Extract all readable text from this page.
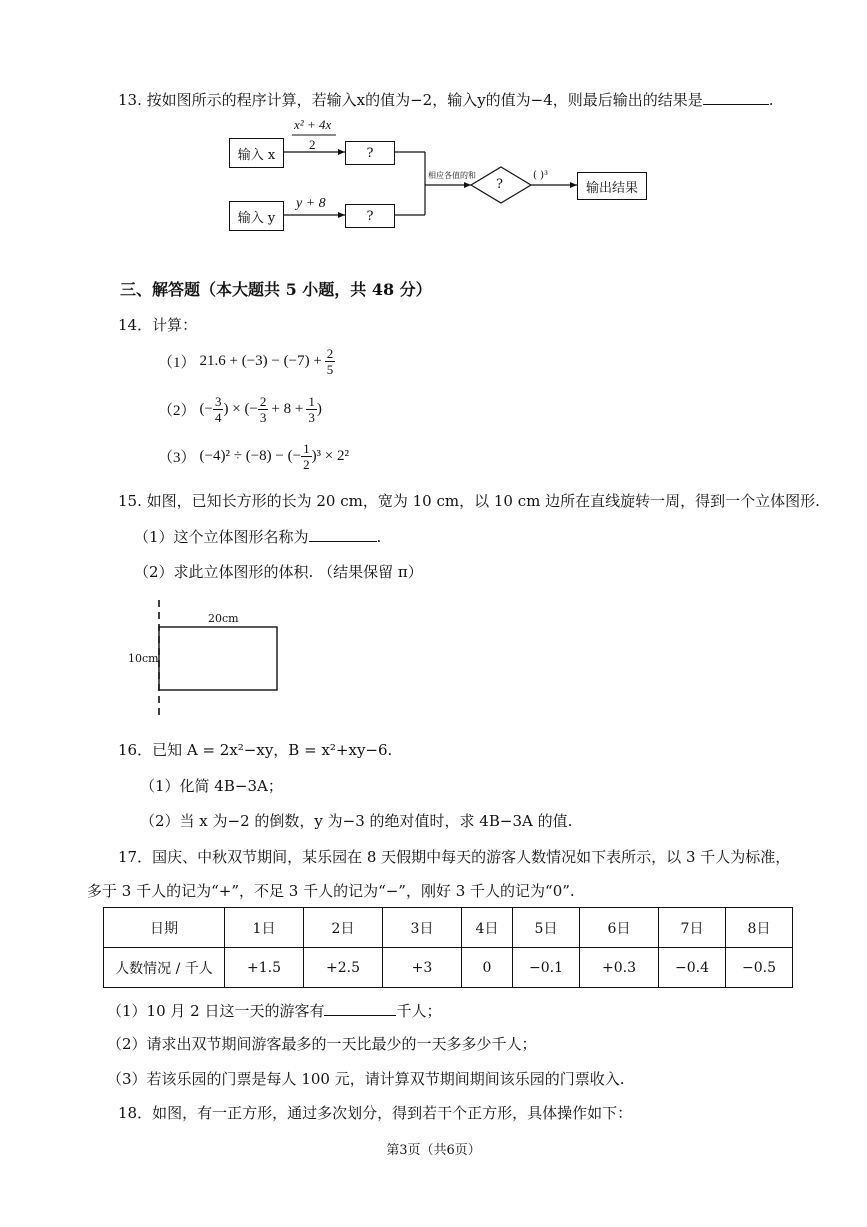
13. 按如图所示的程序计算，若输入x的值为−2，输入y的值为−4，则最后输出的结果是	.
输入 x
输入 y
?
?
x² + 4x
2
y + 8
相应各值的和
?
( )³
输出结果
三、解答题（本大题共 5 小题，共 48 分）
14．计算：
（1） $21.6 + (-3) - (-7) + \frac{2}{5}$
（2） (− $\frac{3}{4}$ ) × (− $\frac{2}{3} + 8 + \frac{1}{3}$ )
（3） (−4)² ÷ (−8) − (− $\frac{1}{2} )^3 \times 2^2$
15. 如图，已知长方形的长为 20 cm，宽为 10 cm，以 10 cm 边所在直线旋转一周，得到一个立体图形.
（1）这个立体图形名称为	.
（2）求此立体图形的体积. （结果保留 π）
20cm
10cm
16．已知 A = 2x²−xy，B = x²+xy−6.
（1）化简 4B−3A；
（2）当 x 为−2 的倒数，y 为−3 的绝对值时，求 4B−3A 的值.
17．国庆、中秋双节期间，某乐园在 8 天假期中每天的游客人数情况如下表所示，以 3 千人为标准，
多于 3 千人的记为“+”，不足 3 千人的记为“−”，刚好 3 千人的记为“0”.
日期	1日	2日	3日	4日	5日	6日	7日	8日
人数情况 / 千人	+1.5	+2.5	+3	0	−0.1	+0.3	−0.4	−0.5
（1）10 月 2 日这一天的游客有	千人；
（2）请求出双节期间游客最多的一天比最少的一天多多少千人；
（3）若该乐园的门票是每人 100 元，请计算双节期间期间该乐园的门票收入.
18．如图，有一正方形，通过多次划分，得到若干个正方形，具体操作如下：
第3页（共6页）
